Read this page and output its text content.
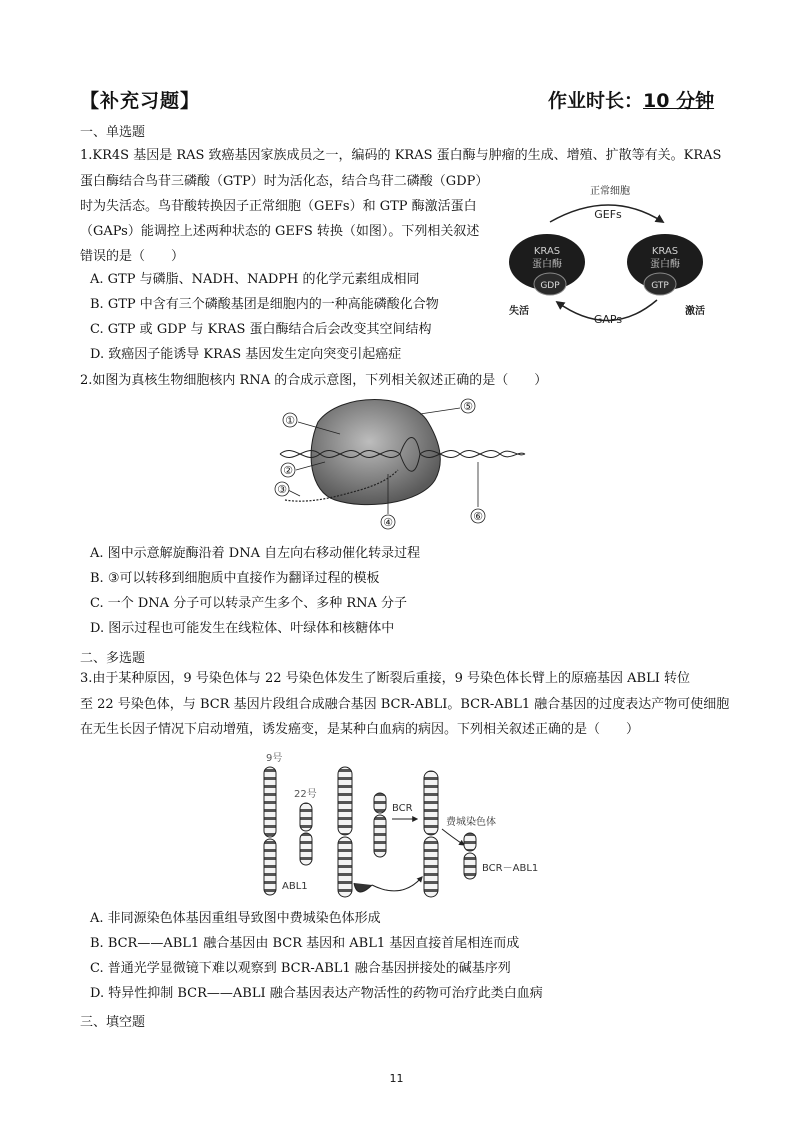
【补充习题】	作业时长：10 分钟
一、单选题
1.KR4S 基因是 RAS 致癌基因家族成员之一，编码的 KRAS 蛋白酶与肿瘤的生成、增殖、扩散等有关。KRAS
蛋白酶结合鸟苷三磷酸（GTP）时为活化态，结合鸟苷二磷酸（GDP）
时为失活态。鸟苷酸转换因子正常细胞（GEFs）和 GTP 酶激活蛋白
（GAPs）能调控上述两种状态的 GEFS 转换（如图）。下列相关叙述
错误的是（　　）
A. GTP 与磷脂、NADH、NADPH 的化学元素组成相同
B. GTP 中含有三个磷酸基团是细胞内的一种高能磷酸化合物
C. GTP 或 GDP 与 KRAS 蛋白酶结合后会改变其空间结构
D. 致癌因子能诱导 KRAS 基因发生定向突变引起癌症
正常细胞
GEFs
KRAS
蛋白酶
GDP
KRAS
蛋白酶
GTP
GAPs
失活	激活
2.如图为真核生物细胞核内 RNA 的合成示意图，下列相关叙述正确的是（　　）
①
②
③
④
⑤
⑥
A. 图中示意解旋酶沿着 DNA 自左向右移动催化转录过程
B. ③可以转移到细胞质中直接作为翻译过程的模板
C. 一个 DNA 分子可以转录产生多个、多种 RNA 分子
D. 图示过程也可能发生在线粒体、叶绿体和核糖体中
二、多选题
3.由于某种原因，9 号染色体与 22 号染色体发生了断裂后重接，9 号染色体长臂上的原癌基因 ABLI 转位
至 22 号染色体，与 BCR 基因片段组合成融合基因 BCR-ABLI。BCR-ABL1 融合基因的过度表达产物可使细胞
在无生长因子情况下启动增殖，诱发癌变，是某种白血病的病因。下列相关叙述正确的是（　　）
9号
ABL1
22号
BCR
费城染色体
BCR－ABL1
A. 非同源染色体基因重组导致图中费城染色体形成
B. BCR——ABL1 融合基因由 BCR 基因和 ABL1 基因直接首尾相连而成
C. 普通光学显微镜下难以观察到 BCR-ABL1 融合基因拼接处的碱基序列
D. 特异性抑制 BCR——ABLI 融合基因表达产物活性的药物可治疗此类白血病
三、填空题
11
